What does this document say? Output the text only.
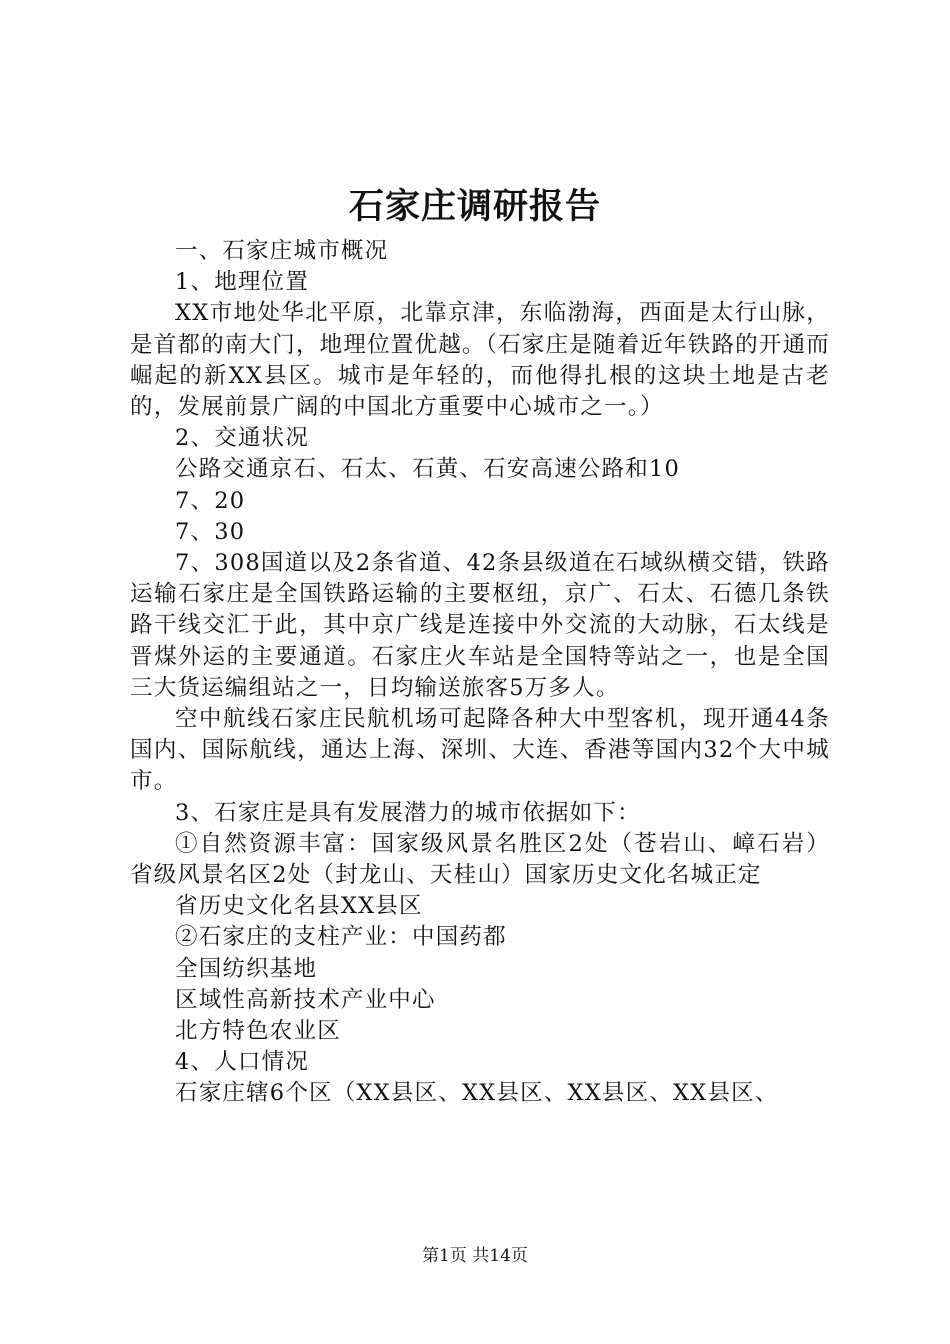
石家庄调研报告

一、石家庄城市概况

1、地理位置

XX市地处华北平原，北靠京津，东临渤海，西面是太行山脉，是首都的南大门，地理位置优越。（石家庄是随着近年铁路的开通而崛起的新XX县区。城市是年轻的，而他得扎根的这块土地是古老的，发展前景广阔的中国北方重要中心城市之一。）

2、交通状况

公路交通京石、石太、石黄、石安高速公路和10

7、20

7、30

7、308国道以及2条省道、42条县级道在石域纵横交错，铁路运输石家庄是全国铁路运输的主要枢纽，京广、石太、石德几条铁路干线交汇于此，其中京广线是连接中外交流的大动脉，石太线是晋煤外运的主要通道。石家庄火车站是全国特等站之一，也是全国三大货运编组站之一，日均输送旅客5万多人。

空中航线石家庄民航机场可起降各种大中型客机，现开通44条国内、国际航线，通达上海、深圳、大连、香港等国内32个大中城市。

3、石家庄是具有发展潜力的城市依据如下：

①自然资源丰富：国家级风景名胜区2处（苍岩山、嶂石岩）省级风景名区2处（封龙山、天桂山）国家历史文化名城正定

省历史文化名县XX县区

②石家庄的支柱产业：中国药都

全国纺织基地

区域性高新技术产业中心

北方特色农业区

4、人口情况

石家庄辖6个区（XX县区、XX县区、XX县区、XX县区、

第1页 共14页
